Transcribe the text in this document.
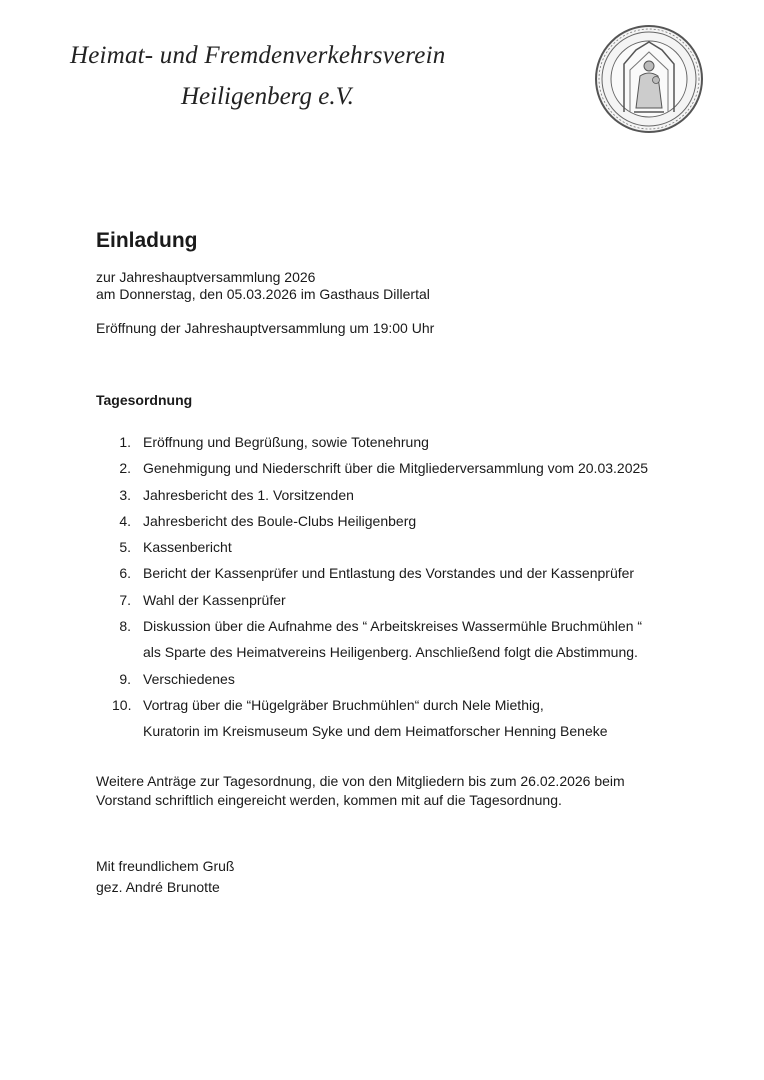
Heimat- und Fremdenverkehrsverein
Heiligenberg e.V.
Einladung
zur Jahreshauptversammlung 2026
am Donnerstag, den 05.03.2026 im Gasthaus Dillertal
Eröffnung der Jahreshauptversammlung um 19:00 Uhr
Tagesordnung
1. Eröffnung und Begrüßung, sowie Totenehrung
2. Genehmigung und Niederschrift über die Mitgliederversammlung vom 20.03.2025
3. Jahresbericht des 1. Vorsitzenden
4. Jahresbericht des Boule-Clubs Heiligenberg
5. Kassenbericht
6. Bericht der Kassenprüfer und Entlastung des Vorstandes und der Kassenprüfer
7. Wahl der Kassenprüfer
8. Diskussion über die Aufnahme des “ Arbeitskreises Wassermühle Bruchmühlen “
als Sparte des Heimatvereins Heiligenberg. Anschließend folgt die Abstimmung.
9. Verschiedenes
10. Vortrag über die “Hügelgräber Bruchmühlen“ durch Nele Miethig,
Kuratorin im Kreismuseum Syke und dem Heimatforscher Henning Beneke
Weitere Anträge zur Tagesordnung, die von den Mitgliedern bis zum 26.02.2026 beim
Vorstand schriftlich eingereicht werden, kommen mit auf die Tagesordnung.
Mit freundlichem Gruß
gez. André Brunotte
